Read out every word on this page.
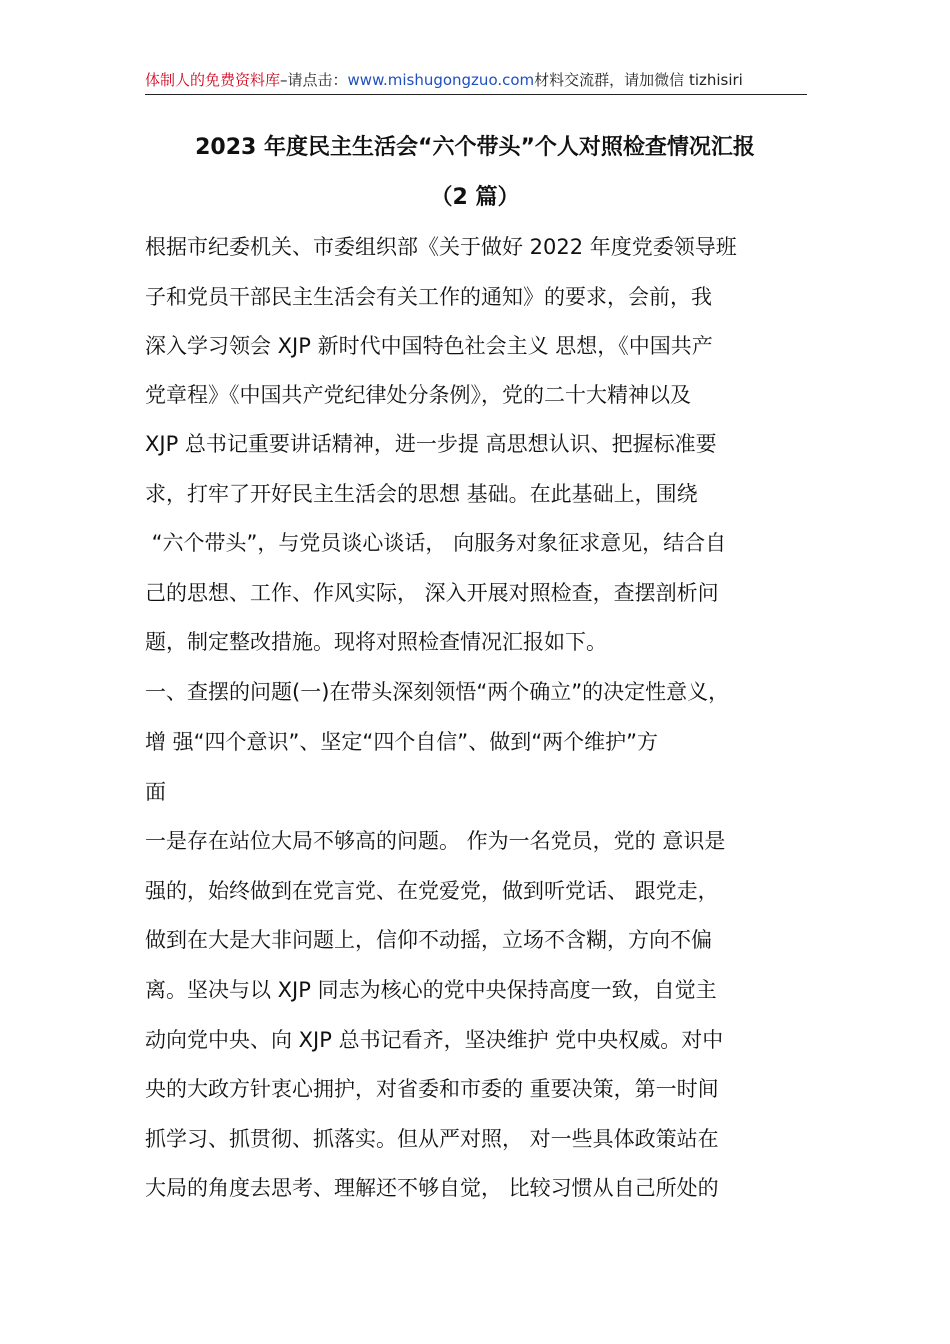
体制人的免费资料库–请点击：www.mishugongzuo.com材料交流群，请加微信 tizhisiri
2023 年度民主生活会“六个带头”个人对照检查情况汇报
（2 篇）
根据市纪委机关、市委组织部《关于做好 2022 年度党委领导班
子和党员干部民主生活会有关工作的通知》的要求，会前，我
深入学习领会 XJP 新时代中国特色社会主义 思想，《中国共产
党章程》《中国共产党纪律处分条例》，党的二十大精神以及
XJP 总书记重要讲话精神，进一步提 高思想认识、把握标准要
求，打牢了开好民主生活会的思想 基础。在此基础上，围绕
“六个带头”，与党员谈心谈话， 向服务对象征求意见，结合自
己的思想、工作、作风实际， 深入开展对照检查，查摆剖析问
题，制定整改措施。现将对照检查情况汇报如下。
一、查摆的问题(一)在带头深刻领悟“两个确立”的决定性意义，
增 强“四个意识”、坚定“四个自信”、做到“两个维护”方
面
一是存在站位大局不够高的问题。 作为一名党员，党的 意识是
强的，始终做到在党言党、在党爱党，做到听党话、 跟党走，
做到在大是大非问题上，信仰不动摇，立场不含糊，方向不偏
离。坚决与以 XJP 同志为核心的党中央保持高度一致，自觉主
动向党中央、向 XJP 总书记看齐，坚决维护 党中央权威。对中
央的大政方针衷心拥护，对省委和市委的 重要决策，第一时间
抓学习、抓贯彻、抓落实。但从严对照， 对一些具体政策站在
大局的角度去思考、理解还不够自觉， 比较习惯从自己所处的
